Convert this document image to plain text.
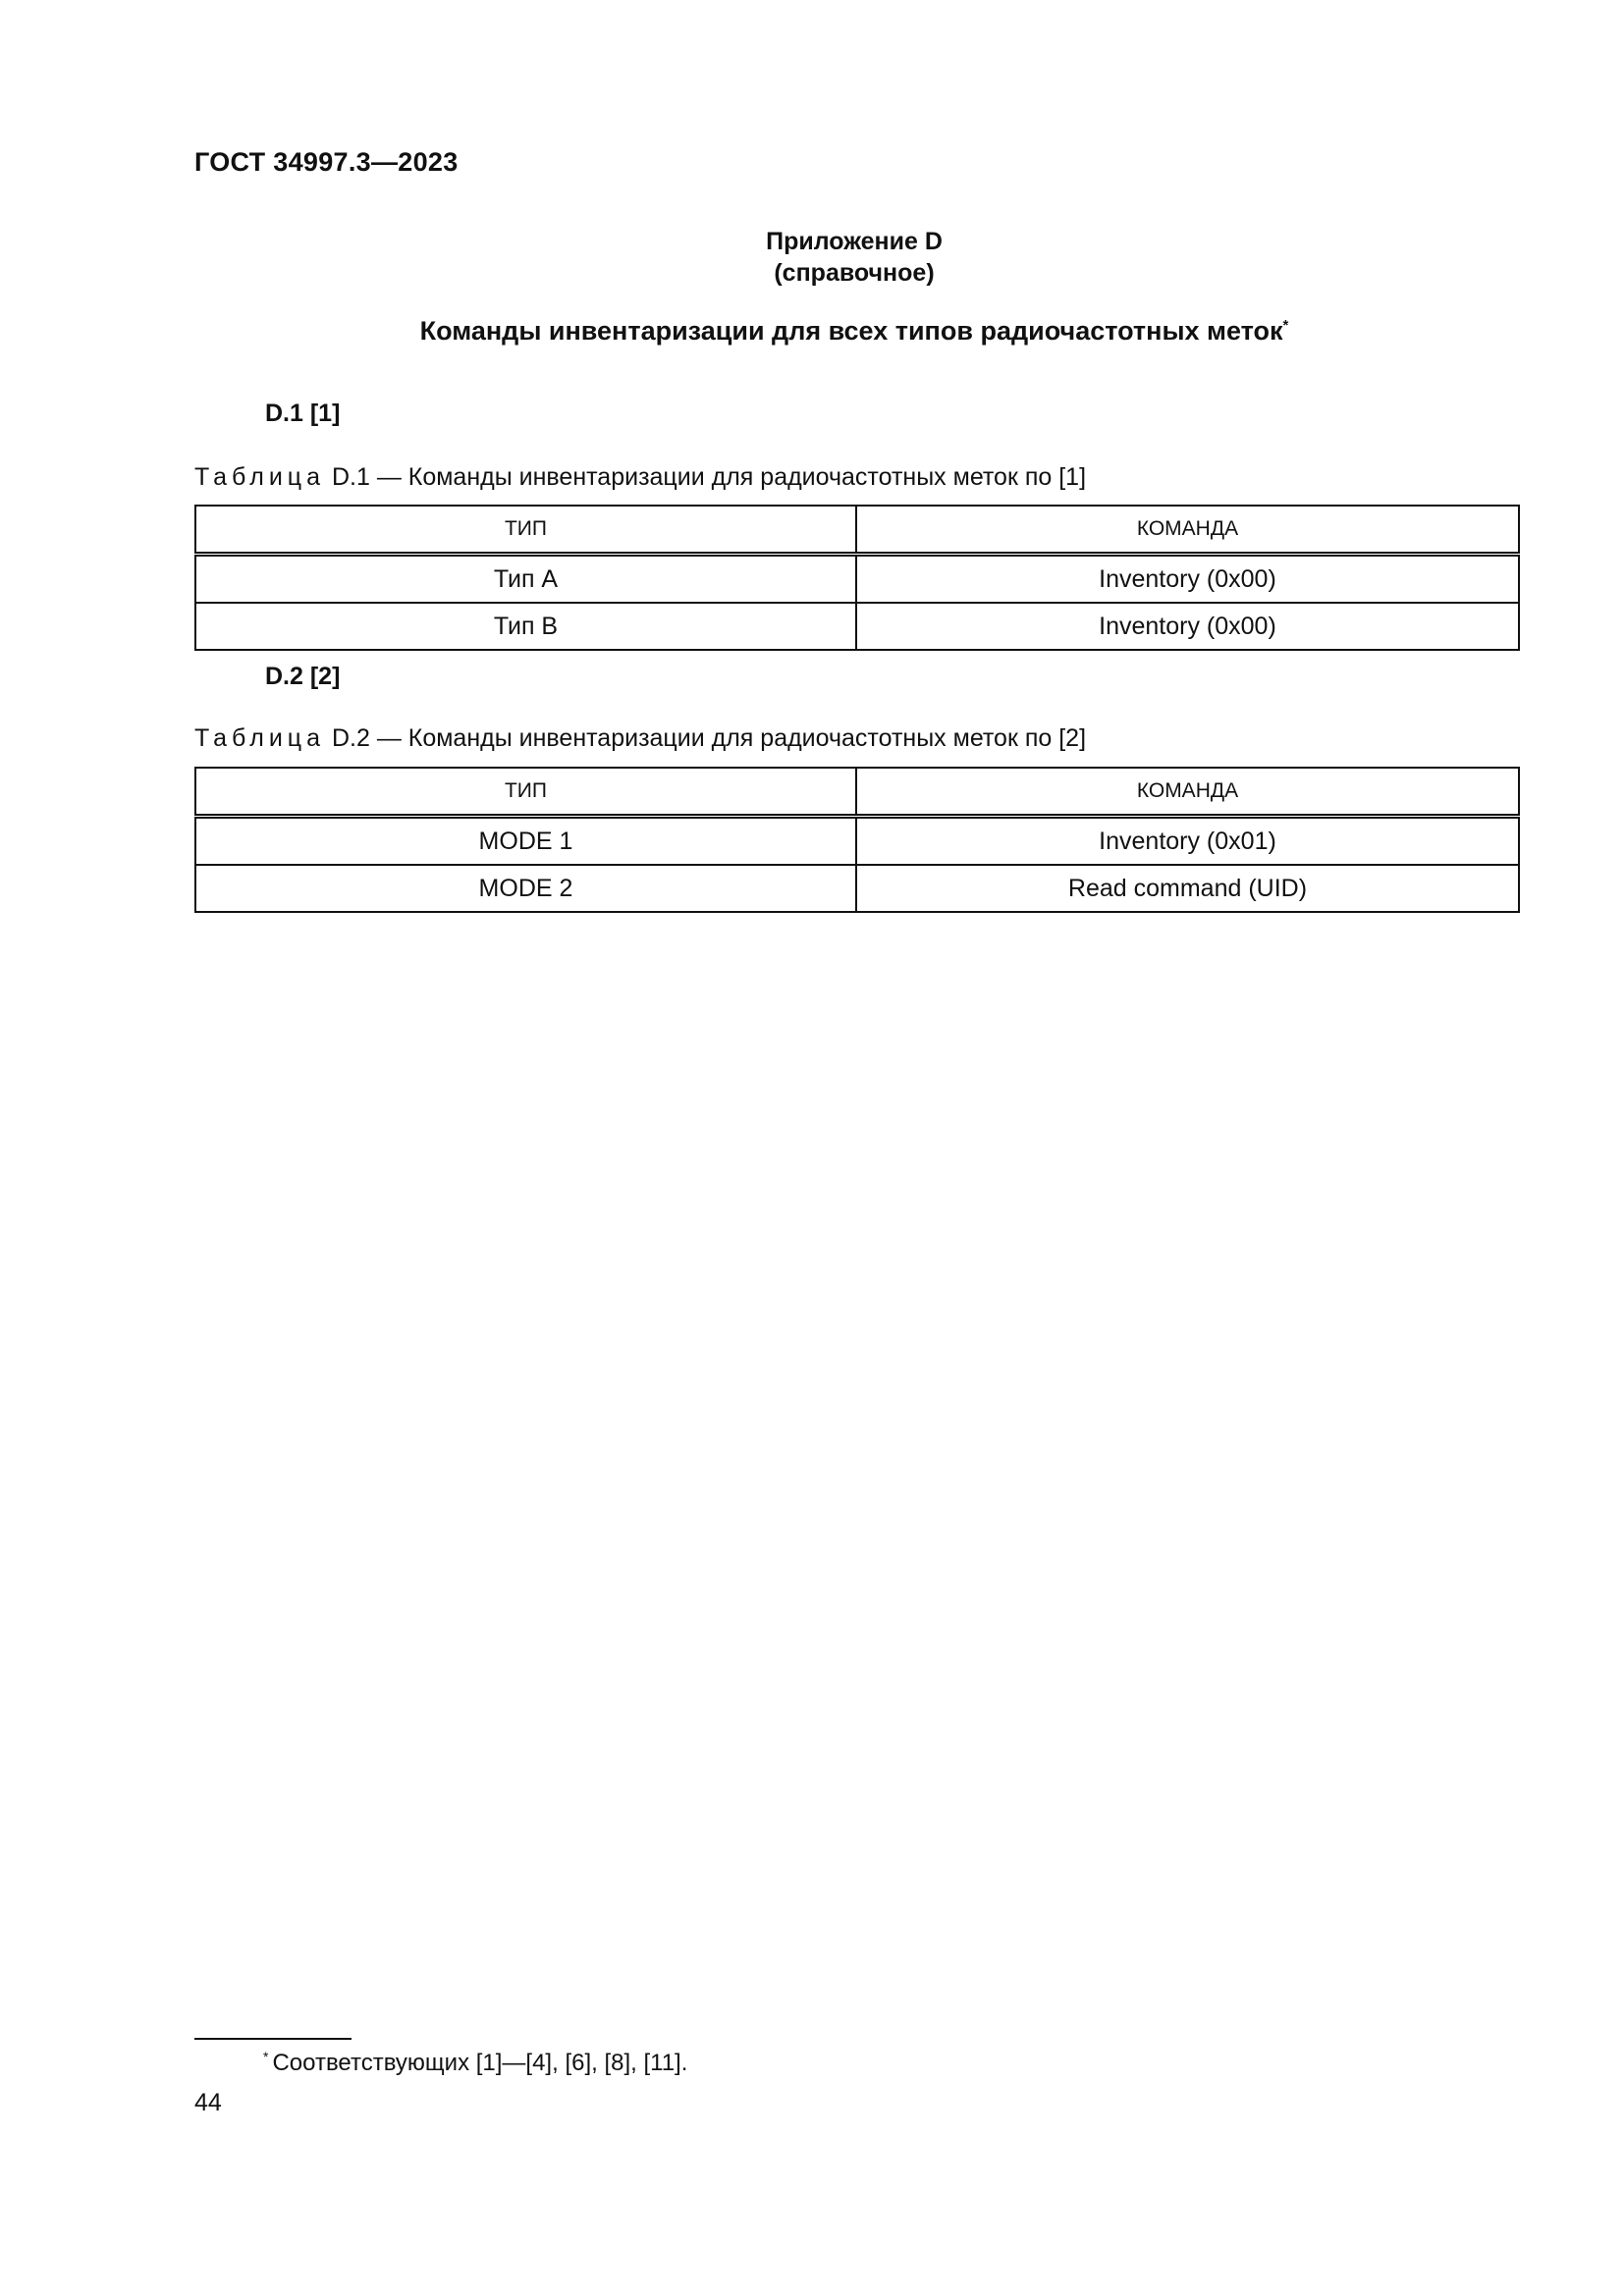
ГОСТ 34997.3—2023
Приложение D
(справочное)
Команды инвентаризации для всех типов радиочастотных меток*
D.1 [1]
Таблица D.1 — Команды инвентаризации для радиочастотных меток по [1]
ТИП	КОМАНДА
Тип A	Inventory (0x00)
Тип B	Inventory (0x00)
D.2 [2]
Таблица D.2 — Команды инвентаризации для радиочастотных меток по [2]
ТИП	КОМАНДА
MODE 1	Inventory (0x01)
MODE 2	Read command (UID)
* Соответствующих [1]—[4], [6], [8], [11].
44
